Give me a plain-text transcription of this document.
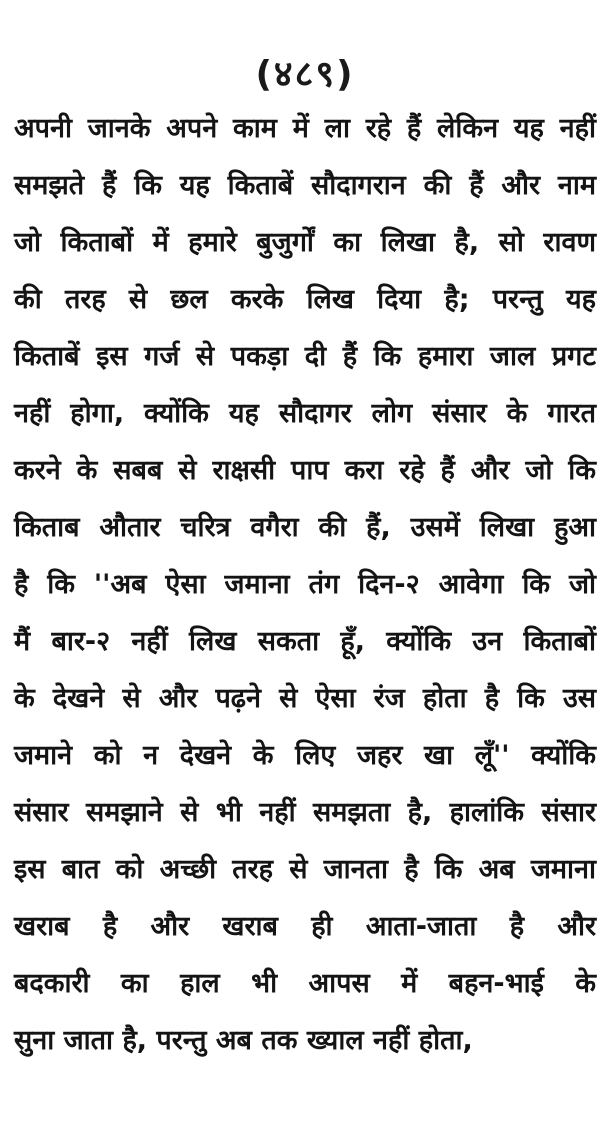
(४८९)
अपनी जानके अपने काम में ला रहे हैं लेकिन यह नहीं
समझते हैं कि यह किताबें सौदागरान की हैं और नाम
जो किताबों में हमारे बुजुर्गों का लिखा है, सो रावण
की तरह से छल करके लिख दिया है; परन्तु यह
किताबें इस गर्ज से पकड़ा दी हैं कि हमारा जाल प्रगट
नहीं होगा, क्योंकि यह सौदागर लोग संसार के गारत
करने के सबब से राक्षसी पाप करा रहे हैं और जो कि
किताब औतार चरित्र वगैरा की हैं, उसमें लिखा हुआ
है कि ''अब ऐसा जमाना तंग दिन-२ आवेगा कि जो
मैं बार-२ नहीं लिख सकता हूँ, क्योंकि उन किताबों
के देखने से और पढ़ने से ऐसा रंज होता है कि उस
जमाने को न देखने के लिए जहर खा लूँ'' क्योंकि
संसार समझाने से भी नहीं समझता है, हालांकि संसार
इस बात को अच्छी तरह से जानता है कि अब जमाना
खराब है और खराब ही आता-जाता है और
बदकारी का हाल भी आपस में बहन-भाई के
सुना जाता है, परन्तु अब तक ख्याल नहीं होता,
